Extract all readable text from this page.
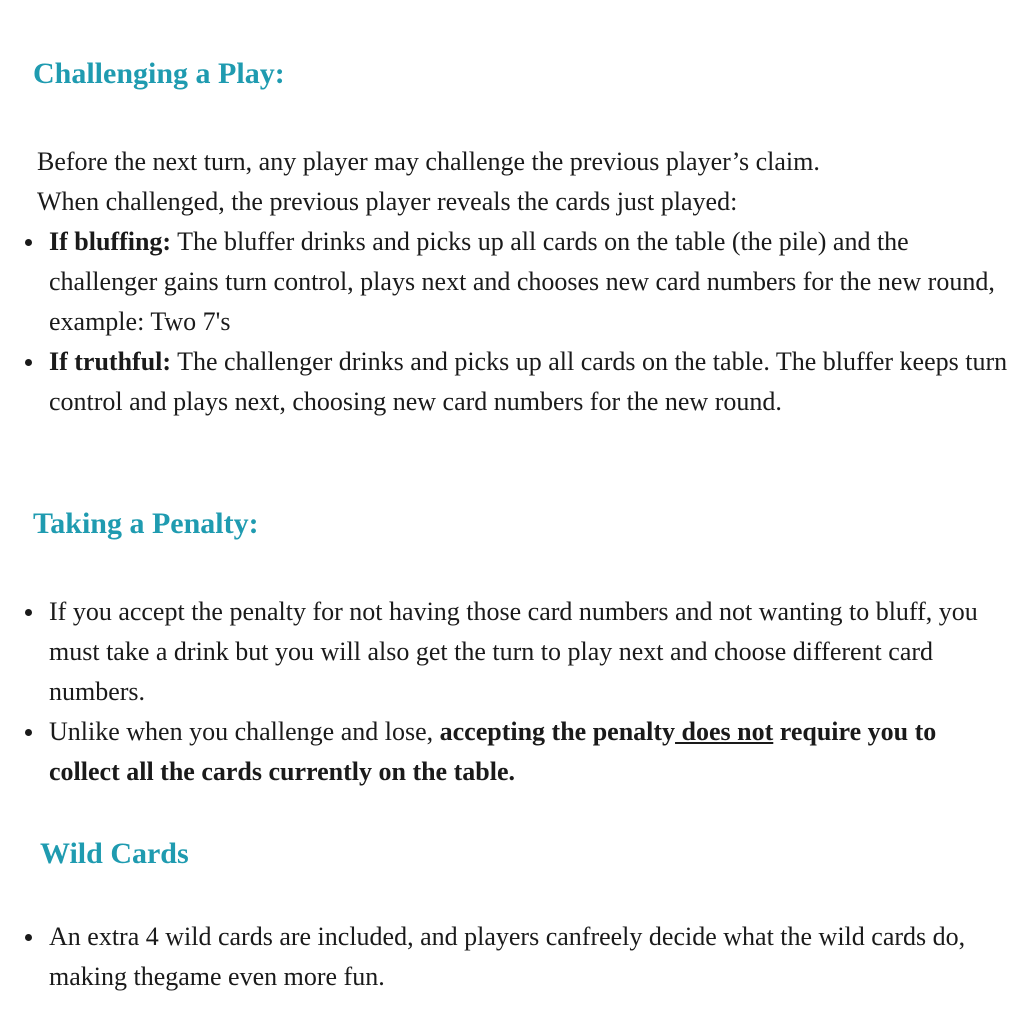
Challenging a Play:

Before the next turn, any player may challenge the previous player’s claim.

When challenged, the previous player reveals the cards just played:

If bluffing: The bluffer drinks and picks up all cards on the table (the pile) and the challenger gains turn control, plays next and chooses new card numbers for the new round, example: Two 7's
If truthful: The challenger drinks and picks up all cards on the table. The bluffer keeps turn control and plays next, choosing new card numbers for the new round.
Taking a Penalty:
If you accept the penalty for not having those card numbers and not wanting to bluff, you must take a drink but you will also get the turn to play next and choose different card numbers.
Unlike when you challenge and lose, accepting the penalty does not require you to collect all the cards currently on the table.
Wild Cards
An extra 4 wild cards are included, and players canfreely decide what the wild cards do, making thegame even more fun.
